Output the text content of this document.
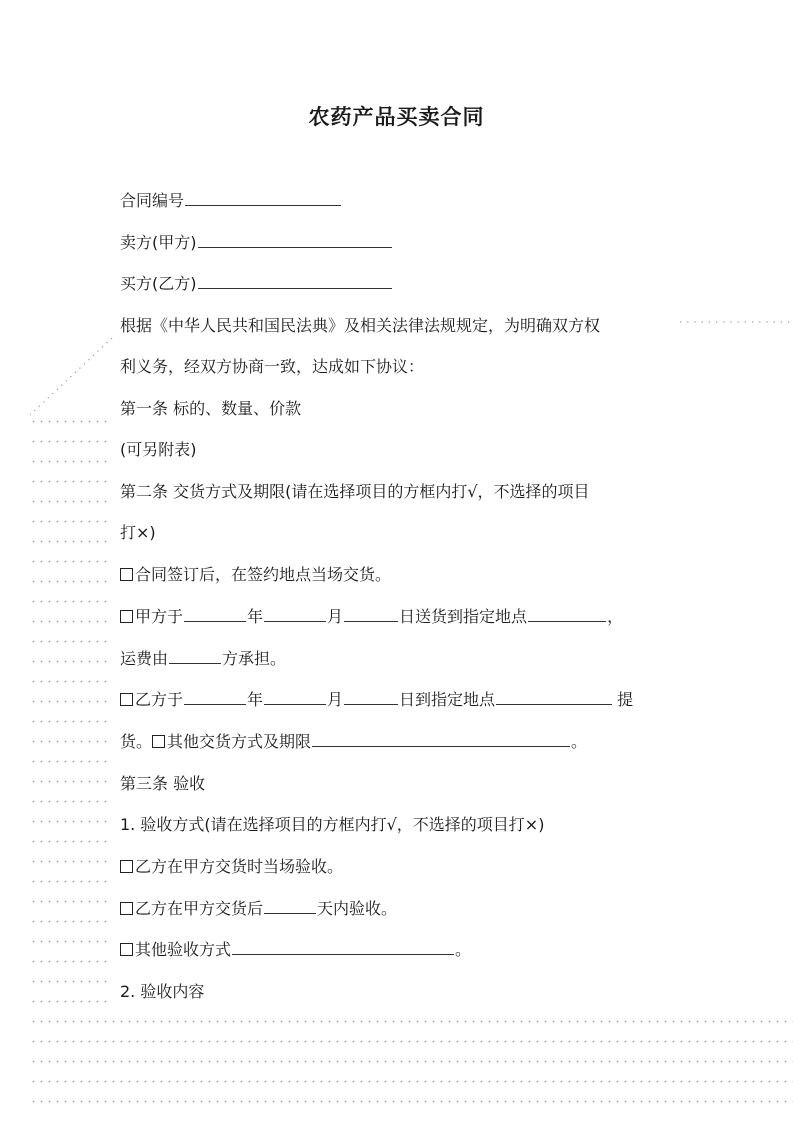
农药产品买卖合同
合同编号
卖方(甲方)
买方(乙方)
根据《中华人民共和国民法典》及相关法律法规规定，为明确双方权
利义务，经双方协商一致，达成如下协议：
第一条 标的、数量、价款
(可另附表)
第二条 交货方式及期限(请在选择项目的方框内打√，不选择的项目
打×)
合同签订后，在签约地点当场交货。
甲方于	年	月	日送货到指定地点	，
运费由	方承担。
乙方于	年	月	日到指定地点	提
货。 其他交货方式及期限	。
第三条 验收
1. 验收方式(请在选择项目的方框内打√，不选择的项目打×)
乙方在甲方交货时当场验收。
乙方在甲方交货后	天内验收。
其他验收方式	。
2. 验收内容
